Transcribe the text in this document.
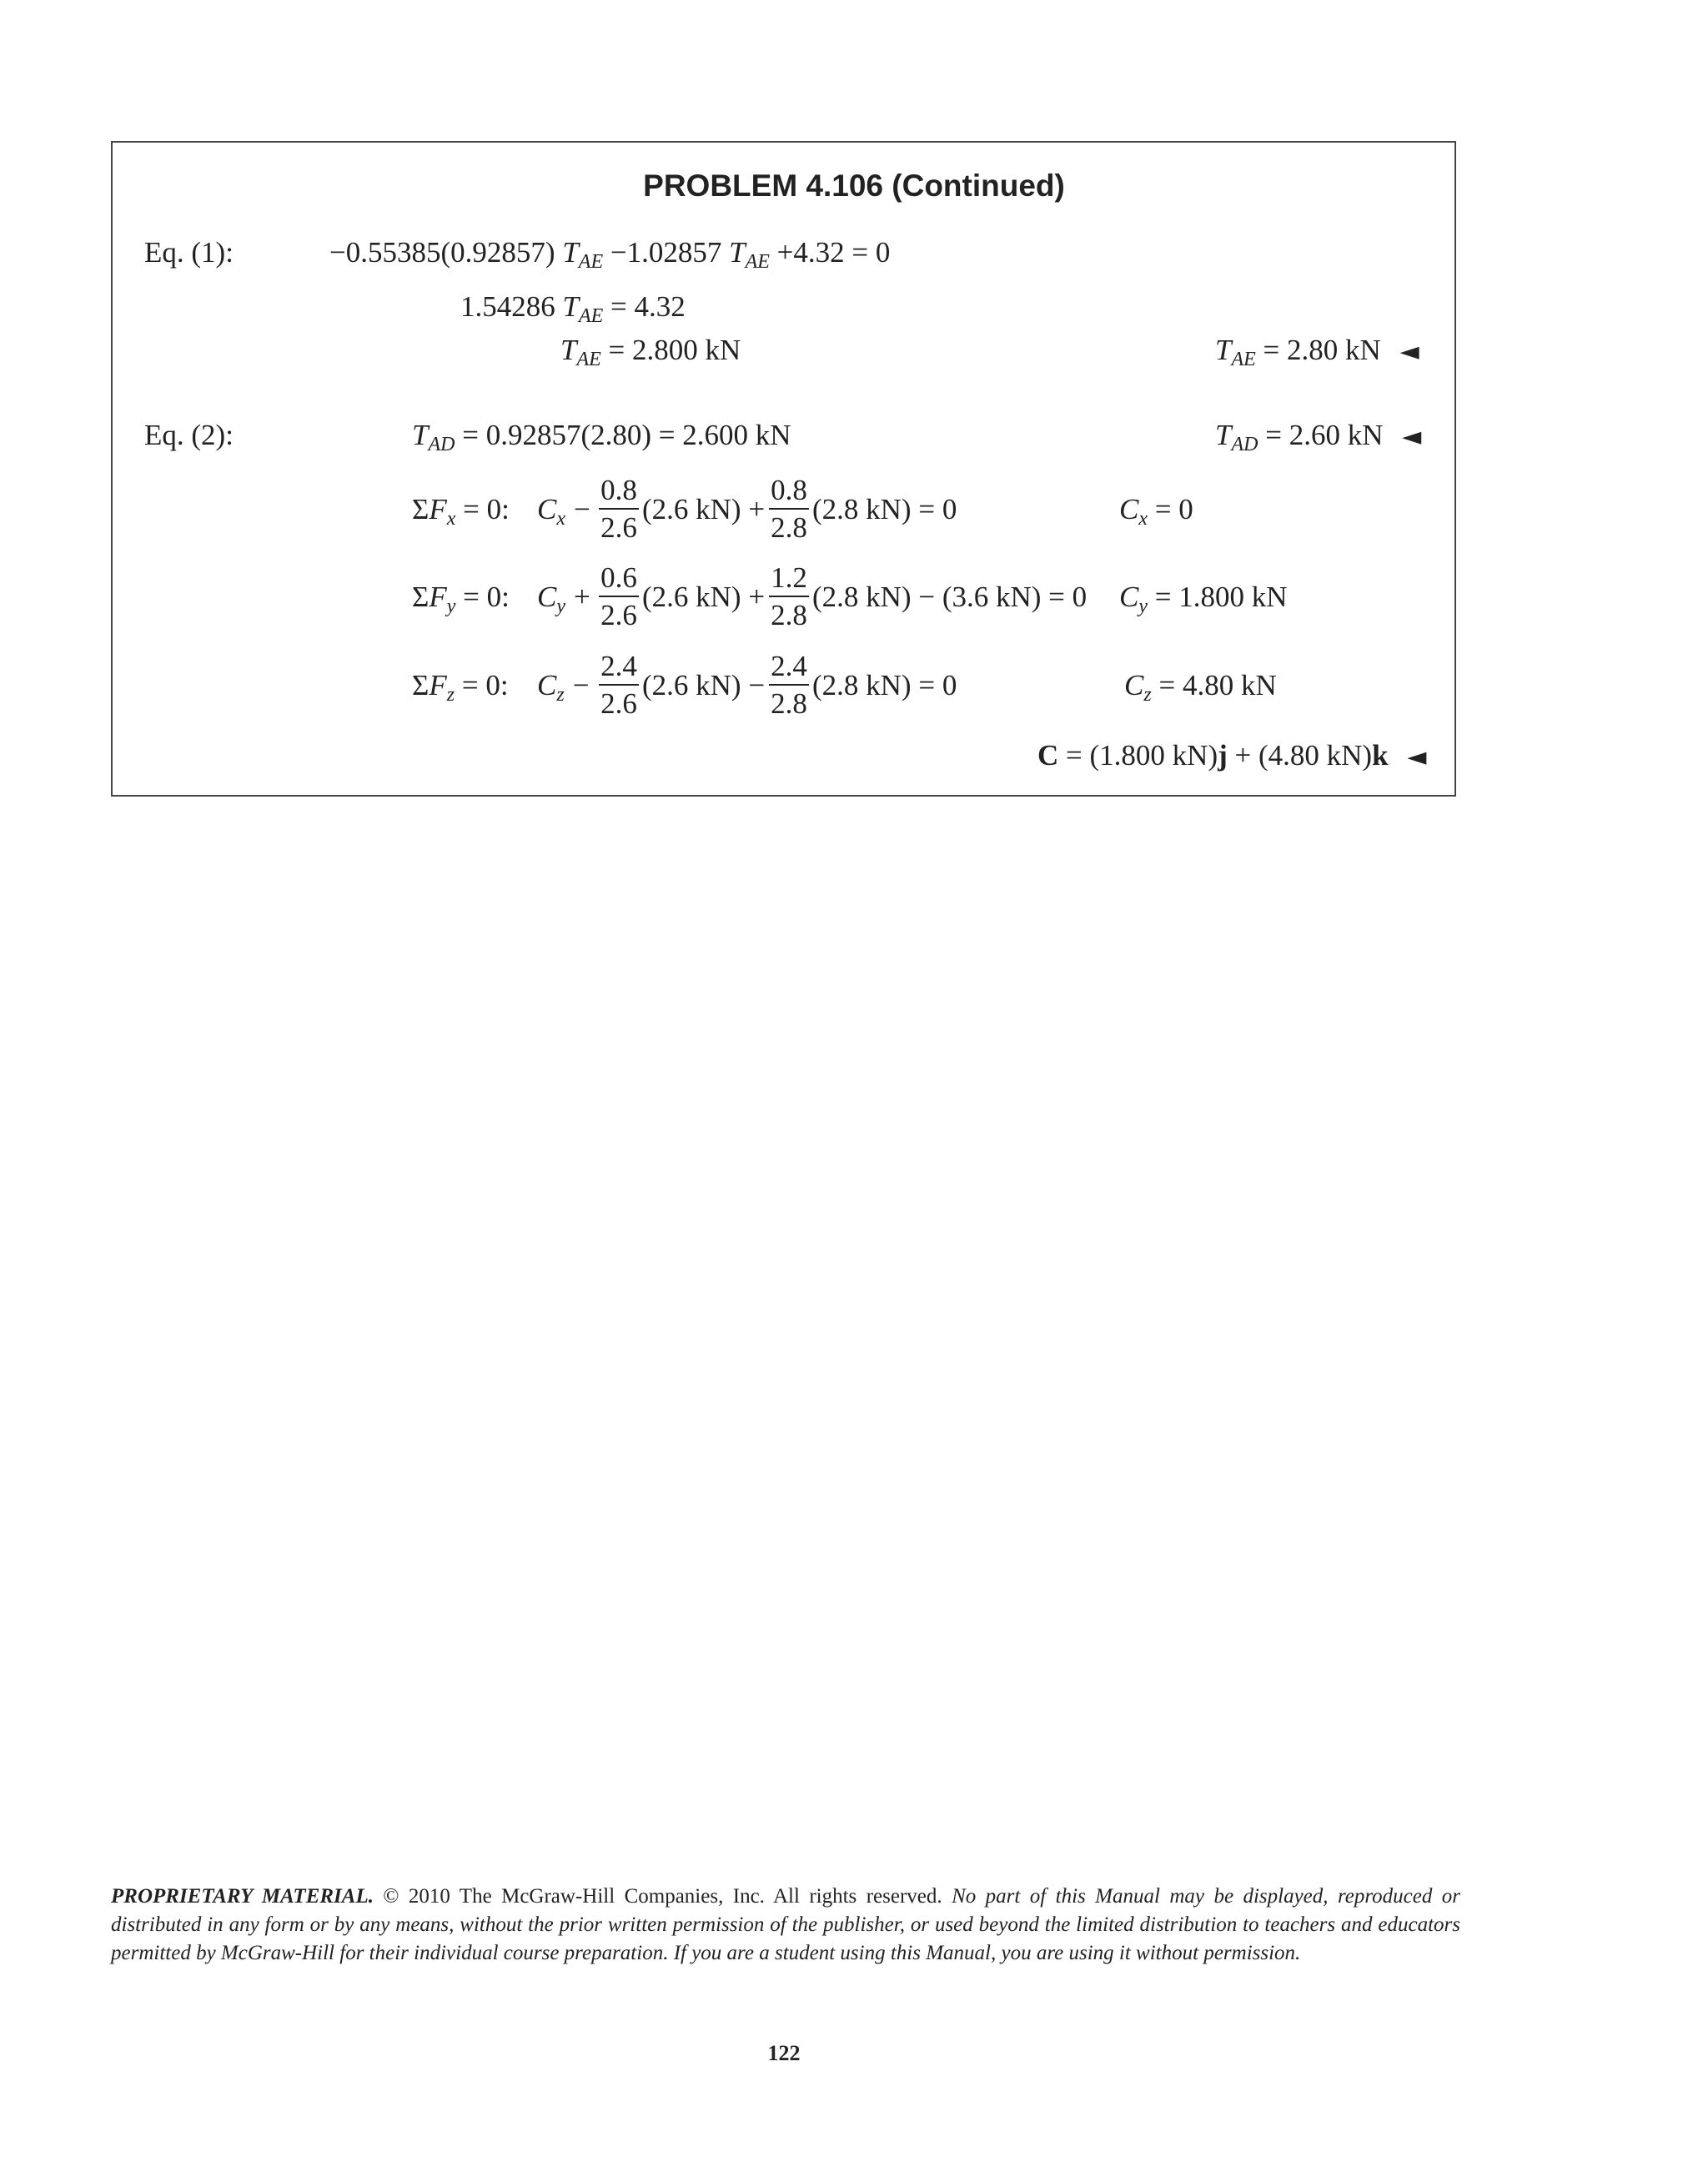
PROBLEM 4.106 (Continued)
Eq. (1):	−0.55385(0.92857) $T_{AE} -1.02857$ $T_{AE} +4.32 = 0$
1.54286 $T_{AE} = 4.32$
$T_{AE} = 2.800$ kN	$T_{AE} = 2.80$ kN ◄
Eq. (2):	$T_{AD} = 0.92857(2.80) = 2.600$ kN	$T_{AD} = 2.60$ kN ◄
$\Sigma F_x = 0$: $C_x$ −
0.8
2.6
(2.6 kN) +
0.8
2.8
(2.8 kN) = 0	$C_x = 0$
$\Sigma F_y = 0$: $C_y$ +
0.6
2.6
(2.6 kN) +
1.2
2.8
(2.8 kN) − (3.6 kN) = 0 $C_y = 1.800$ kN
$\Sigma F_z = 0$: $C_z$ −
2.4
2.6
(2.6 kN) −
2.4
2.8
(2.8 kN) = 0	$C_z = 4.80$ kN
C = (1.800 kN)j + (4.80 kN)k ◄
PROPRIETARY MATERIAL. © 2010 The McGraw-Hill Companies, Inc. All rights reserved. No part of this Manual may be displayed, reproduced or distributed in any form or by any means, without the prior written permission of the publisher, or used beyond the limited distribution to teachers and educators permitted by McGraw-Hill for their individual course preparation. If you are a student using this Manual, you are using it without permission.
122
